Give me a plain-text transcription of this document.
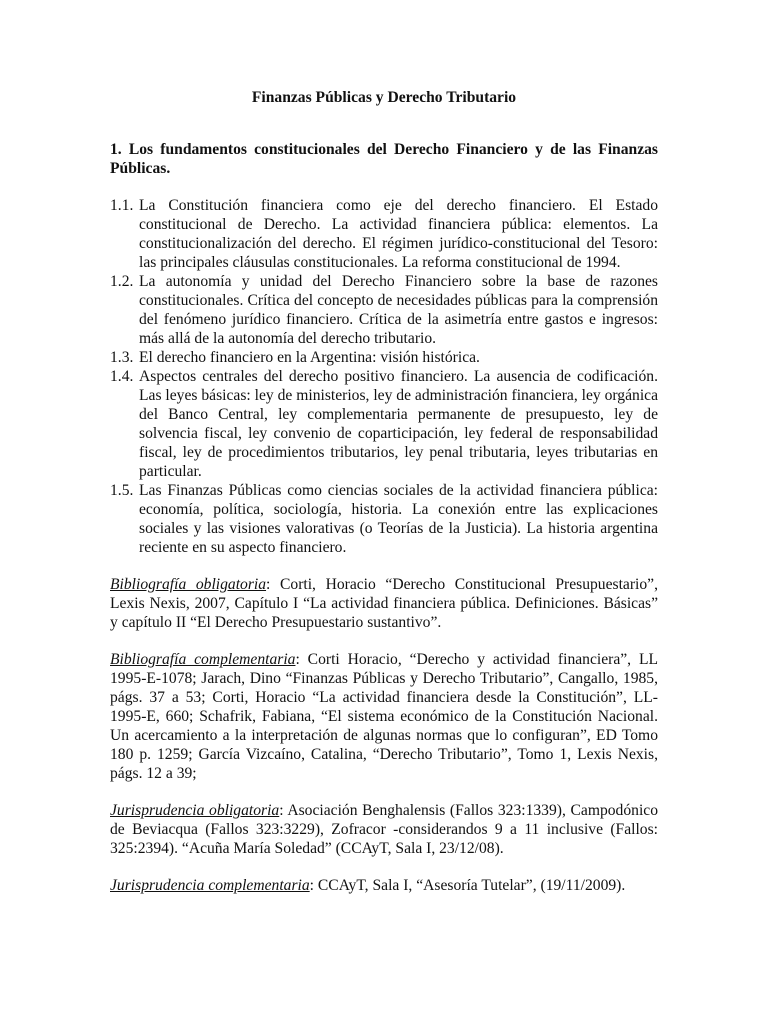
Finanzas Públicas y Derecho Tributario
1. Los fundamentos constitucionales del Derecho Financiero y de las Finanzas Públicas.
1.1. La Constitución financiera como eje del derecho financiero. El Estado constitucional de Derecho. La actividad financiera pública: elementos. La constitucionalización del derecho. El régimen jurídico-constitucional del Tesoro: las principales cláusulas constitucionales. La reforma constitucional de 1994.
1.2. La autonomía y unidad del Derecho Financiero sobre la base de razones constitucionales. Crítica del concepto de necesidades públicas para la comprensión del fenómeno jurídico financiero. Crítica de la asimetría entre gastos e ingresos: más allá de la autonomía del derecho tributario.
1.3. El derecho financiero en la Argentina: visión histórica.
1.4. Aspectos centrales del derecho positivo financiero. La ausencia de codificación. Las leyes básicas: ley de ministerios, ley de administración financiera, ley orgánica del Banco Central, ley complementaria permanente de presupuesto, ley de solvencia fiscal, ley convenio de coparticipación, ley federal de responsabilidad fiscal, ley de procedimientos tributarios, ley penal tributaria, leyes tributarias en particular.
1.5. Las Finanzas Públicas como ciencias sociales de la actividad financiera pública: economía, política, sociología, historia. La conexión entre las explicaciones sociales y las visiones valorativas (o Teorías de la Justicia). La historia argentina reciente en su aspecto financiero.

Bibliografía obligatoria: Corti, Horacio “Derecho Constitucional Presupuestario”, Lexis Nexis, 2007, Capítulo I “La actividad financiera pública. Definiciones. Básicas” y capítulo II “El Derecho Presupuestario sustantivo”.

Bibliografía complementaria: Corti Horacio, “Derecho y actividad financiera”, LL 1995-E-1078; Jarach, Dino “Finanzas Públicas y Derecho Tributario”, Cangallo, 1985, págs. 37 a 53; Corti, Horacio “La actividad financiera desde la Constitución”, LL-1995-E, 660; Schafrik, Fabiana, “El sistema económico de la Constitución Nacional. Un acercamiento a la interpretación de algunas normas que lo configuran”, ED Tomo 180 p. 1259; García Vizcaíno, Catalina, “Derecho Tributario”, Tomo 1, Lexis Nexis, págs. 12 a 39;

Jurisprudencia obligatoria: Asociación Benghalensis (Fallos 323:1339), Campodónico de Beviacqua (Fallos 323:3229), Zofracor -considerandos 9 a 11 inclusive (Fallos: 325:2394). “Acuña María Soledad” (CCAyT, Sala I, 23/12/08).

Jurisprudencia complementaria: CCAyT, Sala I, “Asesoría Tutelar”, (19/11/2009).
